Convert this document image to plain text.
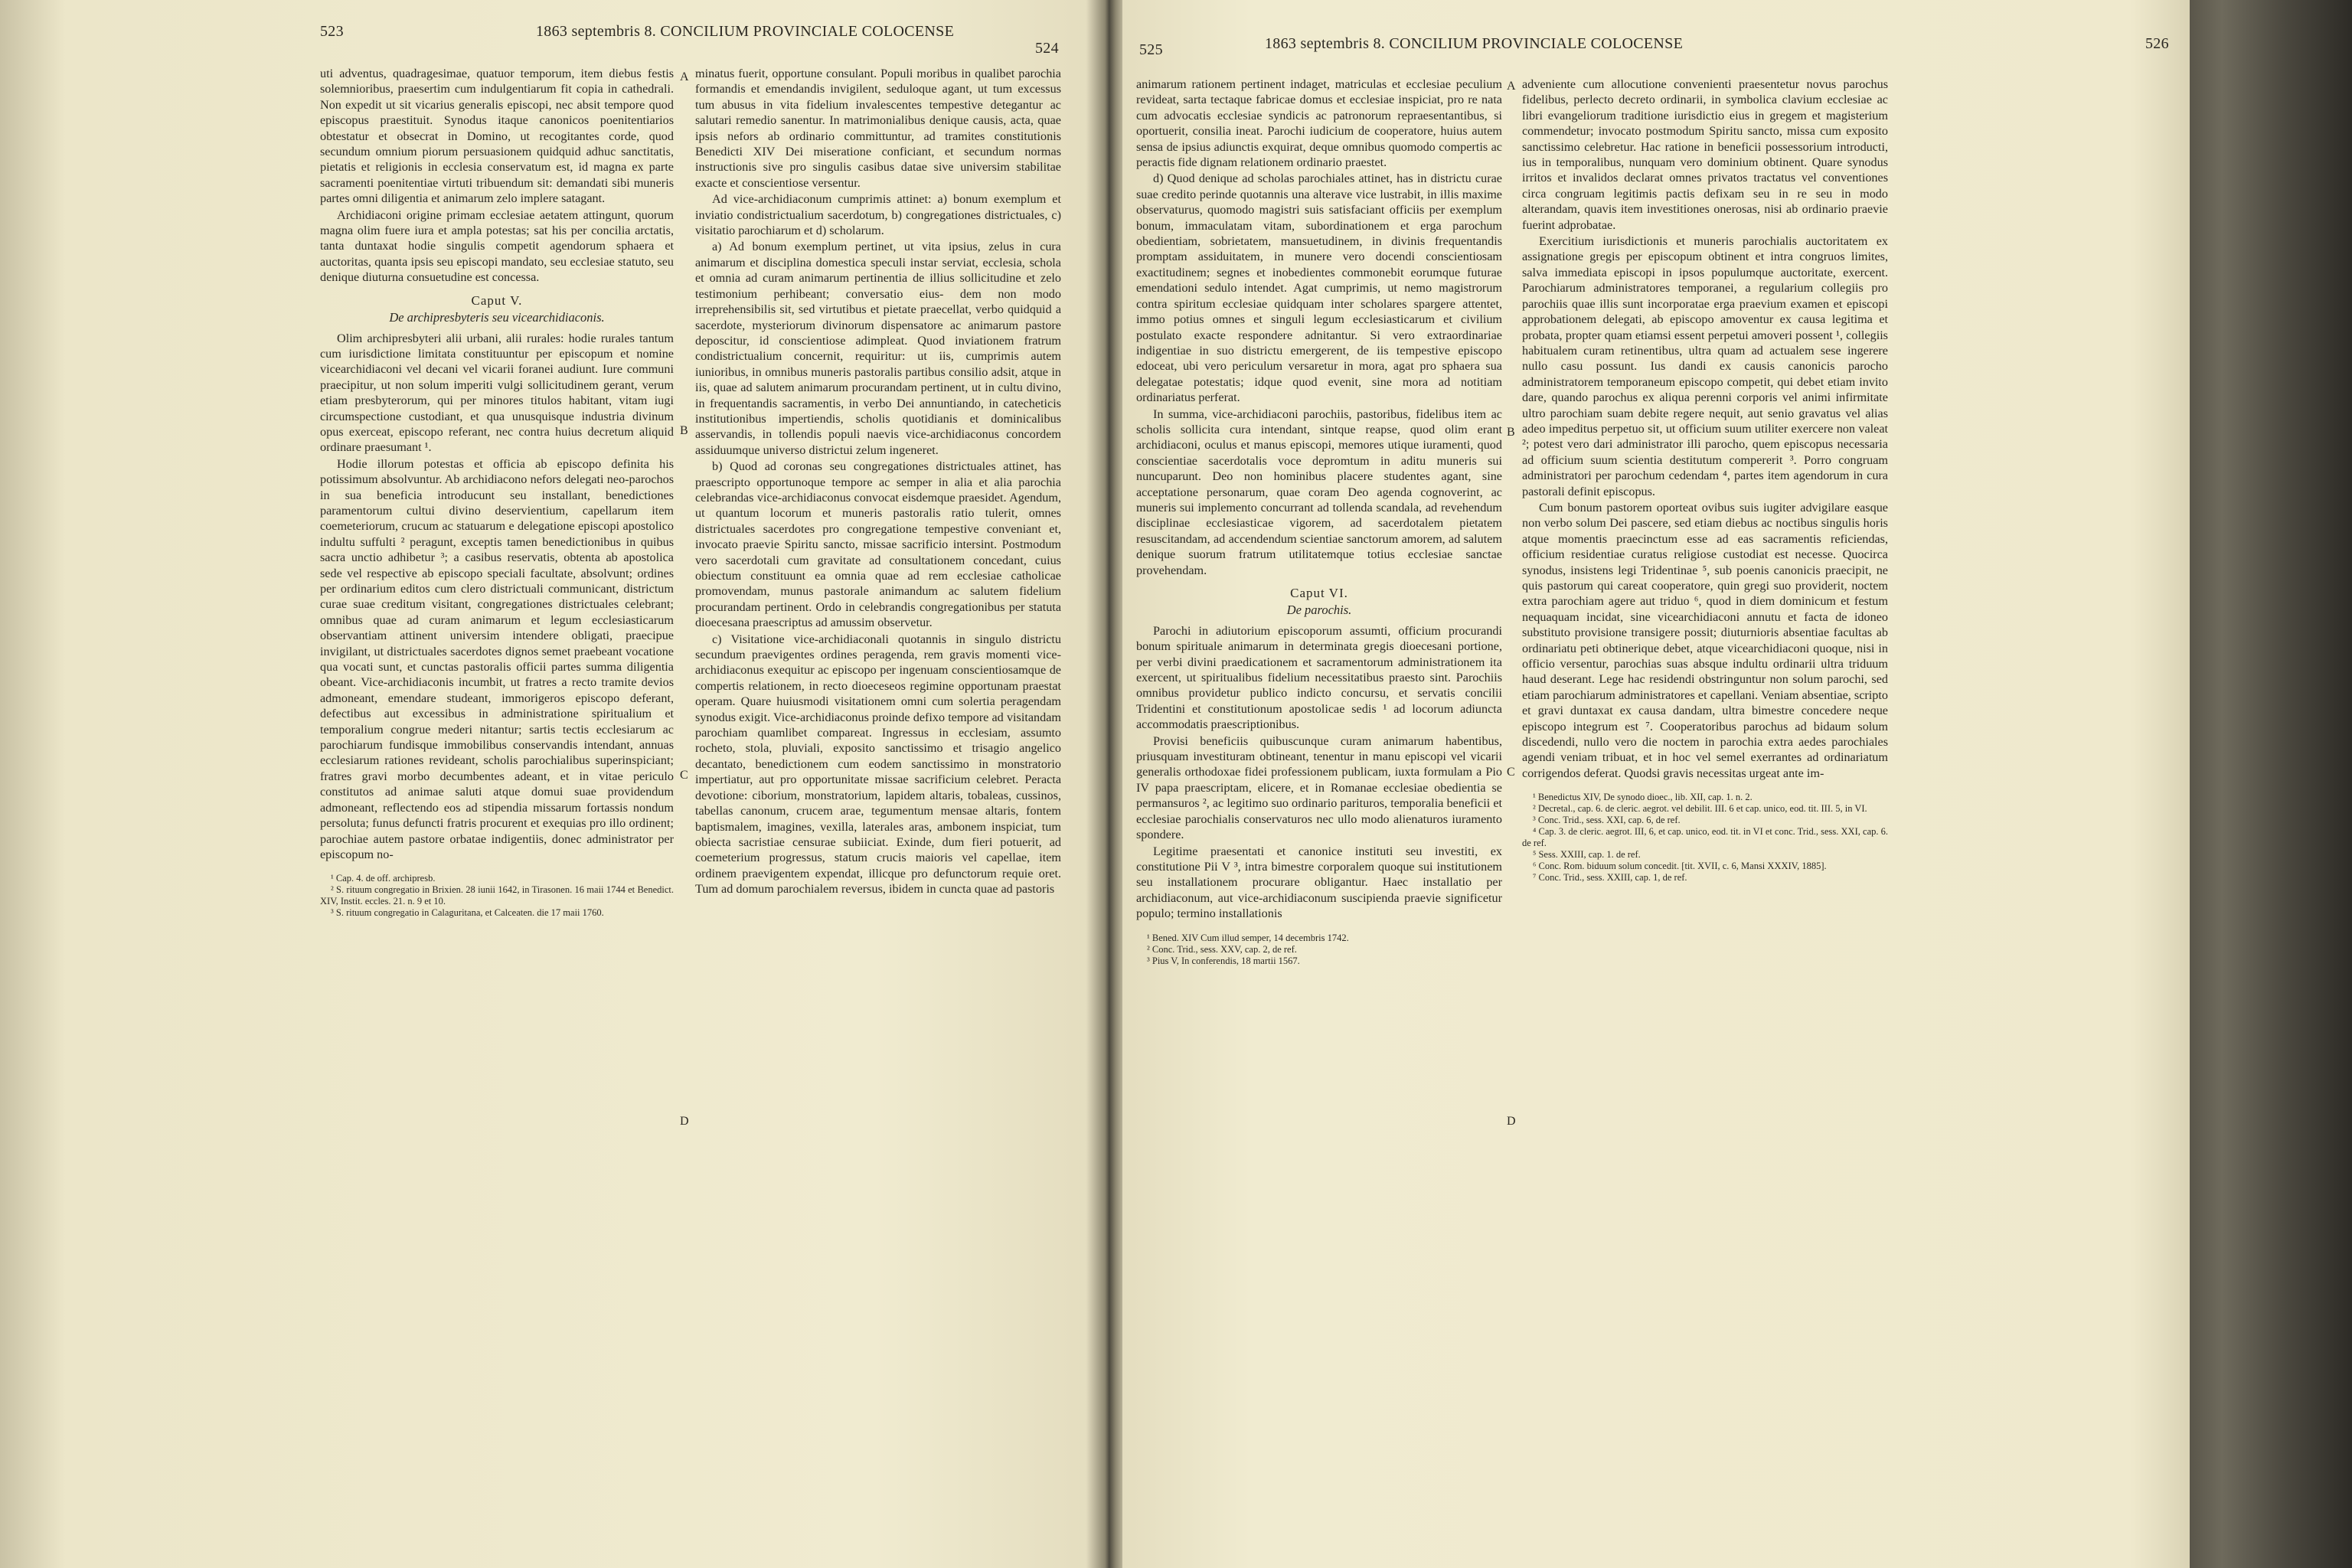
523	1863 septembris 8. CONCILIUM PROVINCIALE COLOCENSE
524

uti adventus, quadragesimae, quatuor temporum, item diebus festis solemnioribus, praesertim cum indulgentiarum fit copia in cathedrali. Non expedit ut sit vicarius generalis episcopi, nec absit tempore quod episcopus praestituit. Synodus itaque canonicos poenitentiarios obtestatur et obsecrat in Domino, ut recogitantes corde, quod secundum omnium piorum persuasionem quidquid adhuc sanctitatis, pietatis et religionis in ecclesia conservatum est, id magna ex parte sacramenti poenitentiae virtuti tribuendum sit: demandati sibi muneris partes omni diligentia et animarum zelo implere satagant.

Archidiaconi origine primam ecclesiae aetatem attingunt, quorum magna olim fuere iura et ampla potestas; sat his per concilia arctatis, tanta duntaxat hodie singulis competit agendorum sphaera et auctoritas, quanta ipsis seu episcopi mandato, seu ecclesiae statuto, seu denique diuturna consuetudine est concessa.

Caput V.
De archipresbyteris seu vicearchidiaconis.

Olim archipresbyteri alii urbani, alii rurales: hodie rurales tantum cum iurisdictione limitata constituuntur per episcopum et nomine vicearchidiaconi vel decani vel vicarii foranei audiunt. Iure communi praecipitur, ut non solum imperiti vulgi sollicitudinem gerant, verum etiam presbyterorum, qui per minores titulos habitant, vitam iugi circumspectione custodiant, et qua unusquisque industria divinum opus exerceat, episcopo referant, nec contra huius decretum aliquid ordinare praesumant ¹.

Hodie illorum potestas et officia ab episcopo definita his potissimum absolvuntur. Ab archidiacono nefors delegati neo-parochos in sua beneficia introducunt seu installant, benedictiones paramentorum cultui divino deservientium, capellarum item coemeteriorum, crucum ac statuarum e delegatione episcopi apostolico indultu suffulti ² peragunt, exceptis tamen benedictionibus in quibus sacra unctio adhibetur ³; a casibus reservatis, obtenta ab apostolica sede vel respective ab episcopo speciali facultate, absolvunt; ordines per ordinarium editos cum clero districtuali communicant, districtum curae suae creditum visitant, congregationes districtuales celebrant; omnibus quae ad curam animarum et legum ecclesiasticarum observantiam attinent universim intendere obligati, praecipue invigilant, ut districtuales sacerdotes dignos semet praebeant vocatione qua vocati sunt, et cunctas pastoralis officii partes summa diligentia obeant. Vice-archidiaconis incumbit, ut fratres a recto tramite devios admoneant, emendare studeant, immorigeros episcopo deferant, defectibus aut excessibus in administratione spiritualium et temporalium congrue mederi nitantur; sartis tectis ecclesiarum ac parochiarum fundisque immobilibus conservandis intendant, annuas ecclesiarum rationes revideant, scholis parochialibus superinspiciant; fratres gravi morbo decumbentes adeant, et in vitae periculo constitutos ad animae saluti atque domui suae providendum admoneant, reflectendo eos ad stipendia missarum fortassis nondum persoluta; funus defuncti fratris procurent et exequias pro illo ordinent; parochiae autem pastore orbatae indigentiis, donec administrator per episcopum no-

¹ Cap. 4. de off. archipresb.

² S. rituum congregatio in Brixien. 28 iunii 1642, in Tirasonen. 16 maii 1744 et Benedict. XIV, Instit. eccles. 21. n. 9 et 10.

³ S. rituum congregatio in Calaguritana, et Calceaten. die 17 maii 1760.

A
B
C
D

minatus fuerit, opportune consulant. Populi moribus in qualibet parochia formandis et emendandis invigilent, seduloque agant, ut tum excessus tum abusus in vita fidelium invalescentes tempestive detegantur ac salutari remedio sanentur. In matrimonialibus denique causis, acta, quae ipsis nefors ab ordinario committuntur, ad tramites constitutionis Benedicti XIV Dei miseratione conficiant, et secundum normas instructionis sive pro singulis casibus datae sive universim stabilitae exacte et conscientiose versentur.

Ad vice-archidiaconum cumprimis attinet: a) bonum exemplum et inviatio condistrictualium sacerdotum, b) congregationes districtuales, c) visitatio parochiarum et d) scholarum.

a) Ad bonum exemplum pertinet, ut vita ipsius, zelus in cura animarum et disciplina domestica speculi instar serviat, ecclesia, schola et omnia ad curam animarum pertinentia de illius sollicitudine et zelo testimonium perhibeant; conversatio eius- dem non modo irreprehensibilis sit, sed virtutibus et pietate praecellat, verbo quidquid a sacerdote, mysteriorum divinorum dispensatore ac animarum pastore deposcitur, id conscientiose adimpleat. Quod inviationem fratrum condistrictualium concernit, requiritur: ut iis, cumprimis autem iunioribus, in omnibus muneris pastoralis partibus consilio adsit, atque in iis, quae ad salutem animarum procurandam pertinent, ut in cultu divino, in frequentandis sacramentis, in verbo Dei annuntiando, in catecheticis institutionibus impertiendis, scholis quotidianis et dominicalibus asservandis, in tollendis populi naevis vice-archidiaconus concordem assiduumque universo districtui zelum ingeneret.

b) Quod ad coronas seu congregationes districtuales attinet, has praescripto opportunoque tempore ac semper in alia et alia parochia celebrandas vice-archidiaconus convocat eisdemque praesidet. Agendum, ut quantum locorum et muneris pastoralis ratio tulerit, omnes districtuales sacerdotes pro congregatione tempestive conveniant et, invocato praevie Spiritu sancto, missae sacrificio intersint. Postmodum vero sacerdotali cum gravitate ad consultationem concedant, cuius obiectum constituunt ea omnia quae ad rem ecclesiae catholicae promovendam, munus pastorale animandum ac salutem fidelium procurandam pertinent. Ordo in celebrandis congregationibus per statuta dioecesana praescriptus ad amussim observetur.

c) Visitatione vice-archidiaconali quotannis in singulo districtu secundum praevigentes ordines peragenda, rem gravis momenti vice-archidiaconus exequitur ac episcopo per ingenuam conscientiosamque de compertis relationem, in recto dioeceseos regimine opportunam praestat operam. Quare huiusmodi visitationem omni cum solertia peragendam synodus exigit. Vice-archidiaconus proinde defixo tempore ad visitandam parochiam quamlibet compareat. Ingressus in ecclesiam, assumto rocheto, stola, pluviali, exposito sanctissimo et trisagio angelico decantato, benedictionem cum eodem sanctissimo in monstratorio impertiatur, aut pro opportunitate missae sacrificium celebret. Peracta devotione: ciborium, monstratorium, lapidem altaris, tobaleas, cussinos, tabellas canonum, crucem arae, tegumentum mensae altaris, fontem baptismalem, imagines, vexilla, laterales aras, ambonem inspiciat, tum obiecta sacristiae censurae subiiciat. Exinde, dum fieri potuerit, ad coemeterium progressus, statum crucis maioris vel capellae, item ordinem praevigentem expendat, illicque pro defunctorum requie oret. Tum ad domum parochialem reversus, ibidem in cuncta quae ad pastoris

525	1863 septembris 8. CONCILIUM PROVINCIALE COLOCENSE	526

animarum rationem pertinent indaget, matriculas et ecclesiae peculium revideat, sarta tectaque fabricae domus et ecclesiae inspiciat, pro re nata cum advocatis ecclesiae syndicis ac patronorum repraesentantibus, si oportuerit, consilia ineat. Parochi iudicium de cooperatore, huius autem sensa de ipsius adiunctis exquirat, deque omnibus quomodo compertis ac peractis fide dignam relationem ordinario praestet.

d) Quod denique ad scholas parochiales attinet, has in districtu curae suae credito perinde quotannis una alterave vice lustrabit, in illis maxime observaturus, quomodo magistri suis satisfaciant officiis per exemplum bonum, immaculatam vitam, subordinationem et erga parochum obedientiam, sobrietatem, mansuetudinem, in divinis frequentandis promptam assiduitatem, in munere vero docendi conscientiosam exactitudinem; segnes et inobedientes commonebit eorumque futurae emendationi sedulo intendet. Agat cumprimis, ut nemo magistrorum contra spiritum ecclesiae quidquam inter scholares spargere attentet, immo potius omnes et singuli legum ecclesiasticarum et civilium postulato exacte respondere adnitantur. Si vero extraordinariae indigentiae in suo districtu emergerent, de iis tempestive episcopo edoceat, ubi vero periculum versaretur in mora, agat pro sphaera sua delegatae potestatis; idque quod evenit, sine mora ad notitiam ordinariatus perferat.

In summa, vice-archidiaconi parochiis, pastoribus, fidelibus item ac scholis sollicita cura intendant, sintque reapse, quod olim erant archidiaconi, oculus et manus episcopi, memores utique iuramenti, quod conscientiae sacerdotalis voce depromtum in aditu muneris sui nuncuparunt. Deo non hominibus placere studentes agant, sine acceptatione personarum, quae coram Deo agenda cognoverint, ac muneris sui implemento concurrant ad tollenda scandala, ad revehendum disciplinae ecclesiasticae vigorem, ad sacerdotalem pietatem resuscitandam, ad accendendum scientiae sanctorum amorem, ad salutem denique suorum fratrum utilitatemque totius ecclesiae sanctae provehendam.

Caput VI.
De parochis.

Parochi in adiutorium episcoporum assumti, officium procurandi bonum spirituale animarum in determinata gregis dioecesani portione, per verbi divini praedicationem et sacramentorum administrationem ita exercent, ut spiritualibus fidelium necessitatibus praesto sint. Parochiis omnibus providetur publico indicto concursu, et servatis concilii Tridentini et constitutionum apostolicae sedis ¹ ad locorum adiuncta accommodatis praescriptionibus.

Provisi beneficiis quibuscunque curam animarum habentibus, priusquam investituram obtineant, tenentur in manu episcopi vel vicarii generalis orthodoxae fidei professionem publicam, iuxta formulam a Pio IV papa praescriptam, elicere, et in Romanae ecclesiae obedientia se permansuros ², ac legitimo suo ordinario parituros, temporalia beneficii et ecclesiae parochialis conservaturos nec ullo modo alienaturos iuramento spondere.

Legitime praesentati et canonice instituti seu investiti, ex constitutione Pii V ³, intra bimestre corporalem quoque sui institutionem seu installationem procurare obligantur. Haec installatio per archidiaconum, aut vice-archidiaconum suscipienda praevie significetur populo; termino installationis

¹ Bened. XIV Cum illud semper, 14 decembris 1742.

² Conc. Trid., sess. XXV, cap. 2, de ref.

³ Pius V, In conferendis, 18 martii 1567.

A
B
C
D

adveniente cum allocutione convenienti praesentetur novus parochus fidelibus, perlecto decreto ordinarii, in symbolica clavium ecclesiae ac libri evangeliorum traditione iurisdictio eius in gregem et magisterium commendetur; invocato postmodum Spiritu sancto, missa cum exposito sanctissimo celebretur. Hac ratione in beneficii possessorium introducti, ius in temporalibus, nunquam vero dominium obtinent. Quare synodus irritos et invalidos declarat omnes privatos tractatus vel conventiones circa congruam legitimis pactis defixam seu in re seu in modo alterandam, quavis item investitiones onerosas, nisi ab ordinario praevie fuerint adprobatae.

Exercitium iurisdictionis et muneris parochialis auctoritatem ex assignatione gregis per episcopum obtinent et intra congruos limites, salva immediata episcopi in ipsos populumque auctoritate, exercent. Parochiarum administratores temporanei, a regularium collegiis pro parochiis quae illis sunt incorporatae erga praevium examen et episcopi approbationem delegati, ab episcopo amoventur ex causa legitima et probata, propter quam etiamsi essent perpetui amoveri possent ¹, collegiis habitualem curam retinentibus, ultra quam ad actualem sese ingerere nullo casu possunt. Ius dandi ex causis canonicis parocho administratorem temporaneum episcopo competit, qui debet etiam invito dare, quando parochus ex aliqua perenni corporis vel animi infirmitate ultro parochiam suam debite regere nequit, aut senio gravatus vel alias adeo impeditus perpetuo sit, ut officium suum utiliter exercere non valeat ²; potest vero dari administrator illi parocho, quem episcopus necessaria ad officium suum scientia destitutum compererit ³. Porro congruam administratori per parochum cedendam ⁴, partes item agendorum in cura pastorali definit episcopus.

Cum bonum pastorem oporteat ovibus suis iugiter advigilare easque non verbo solum Dei pascere, sed etiam diebus ac noctibus singulis horis atque momentis praecinctum esse ad eas sacramentis reficiendas, officium residentiae curatus religiose custodiat est necesse. Quocirca synodus, insistens legi Tridentinae ⁵, sub poenis canonicis praecipit, ne quis pastorum qui careat cooperatore, quin gregi suo providerit, noctem extra parochiam agere aut triduo ⁶, quod in diem dominicum et festum nequaquam incidat, sine vicearchidiaconi annutu et facta de idoneo substituto provisione transigere possit; diuturnioris absentiae facultas ab ordinariatu peti obtinerique debet, atque vicearchidiaconi quoque, nisi in officio versentur, parochias suas absque indultu ordinarii ultra triduum haud deserant. Lege hac residendi obstringuntur non solum parochi, sed etiam parochiarum administratores et capellani. Veniam absentiae, scripto et gravi duntaxat ex causa dandam, ultra bimestre concedere neque episcopo integrum est ⁷. Cooperatoribus parochus ad bidaum solum discedendi, nullo vero die noctem in parochia extra aedes parochiales agendi veniam tribuat, et in hoc vel semel exerrantes ad ordinariatum corrigendos deferat. Quodsi gravis necessitas urgeat ante im-

¹ Benedictus XIV, De synodo dioec., lib. XII, cap. 1. n. 2.

² Decretal., cap. 6. de cleric. aegrot. vel debilit. III. 6 et cap. unico, eod. tit. III. 5, in VI.

³ Conc. Trid., sess. XXI, cap. 6, de ref.

⁴ Cap. 3. de cleric. aegrot. III, 6, et cap. unico, eod. tit. in VI et conc. Trid., sess. XXI, cap. 6. de ref.

⁵ Sess. XXIII, cap. 1. de ref.

⁶ Conc. Rom. biduum solum concedit. [tit. XVII, c. 6, Mansi XXXIV, 1885].

⁷ Conc. Trid., sess. XXIII, cap. 1, de ref.
